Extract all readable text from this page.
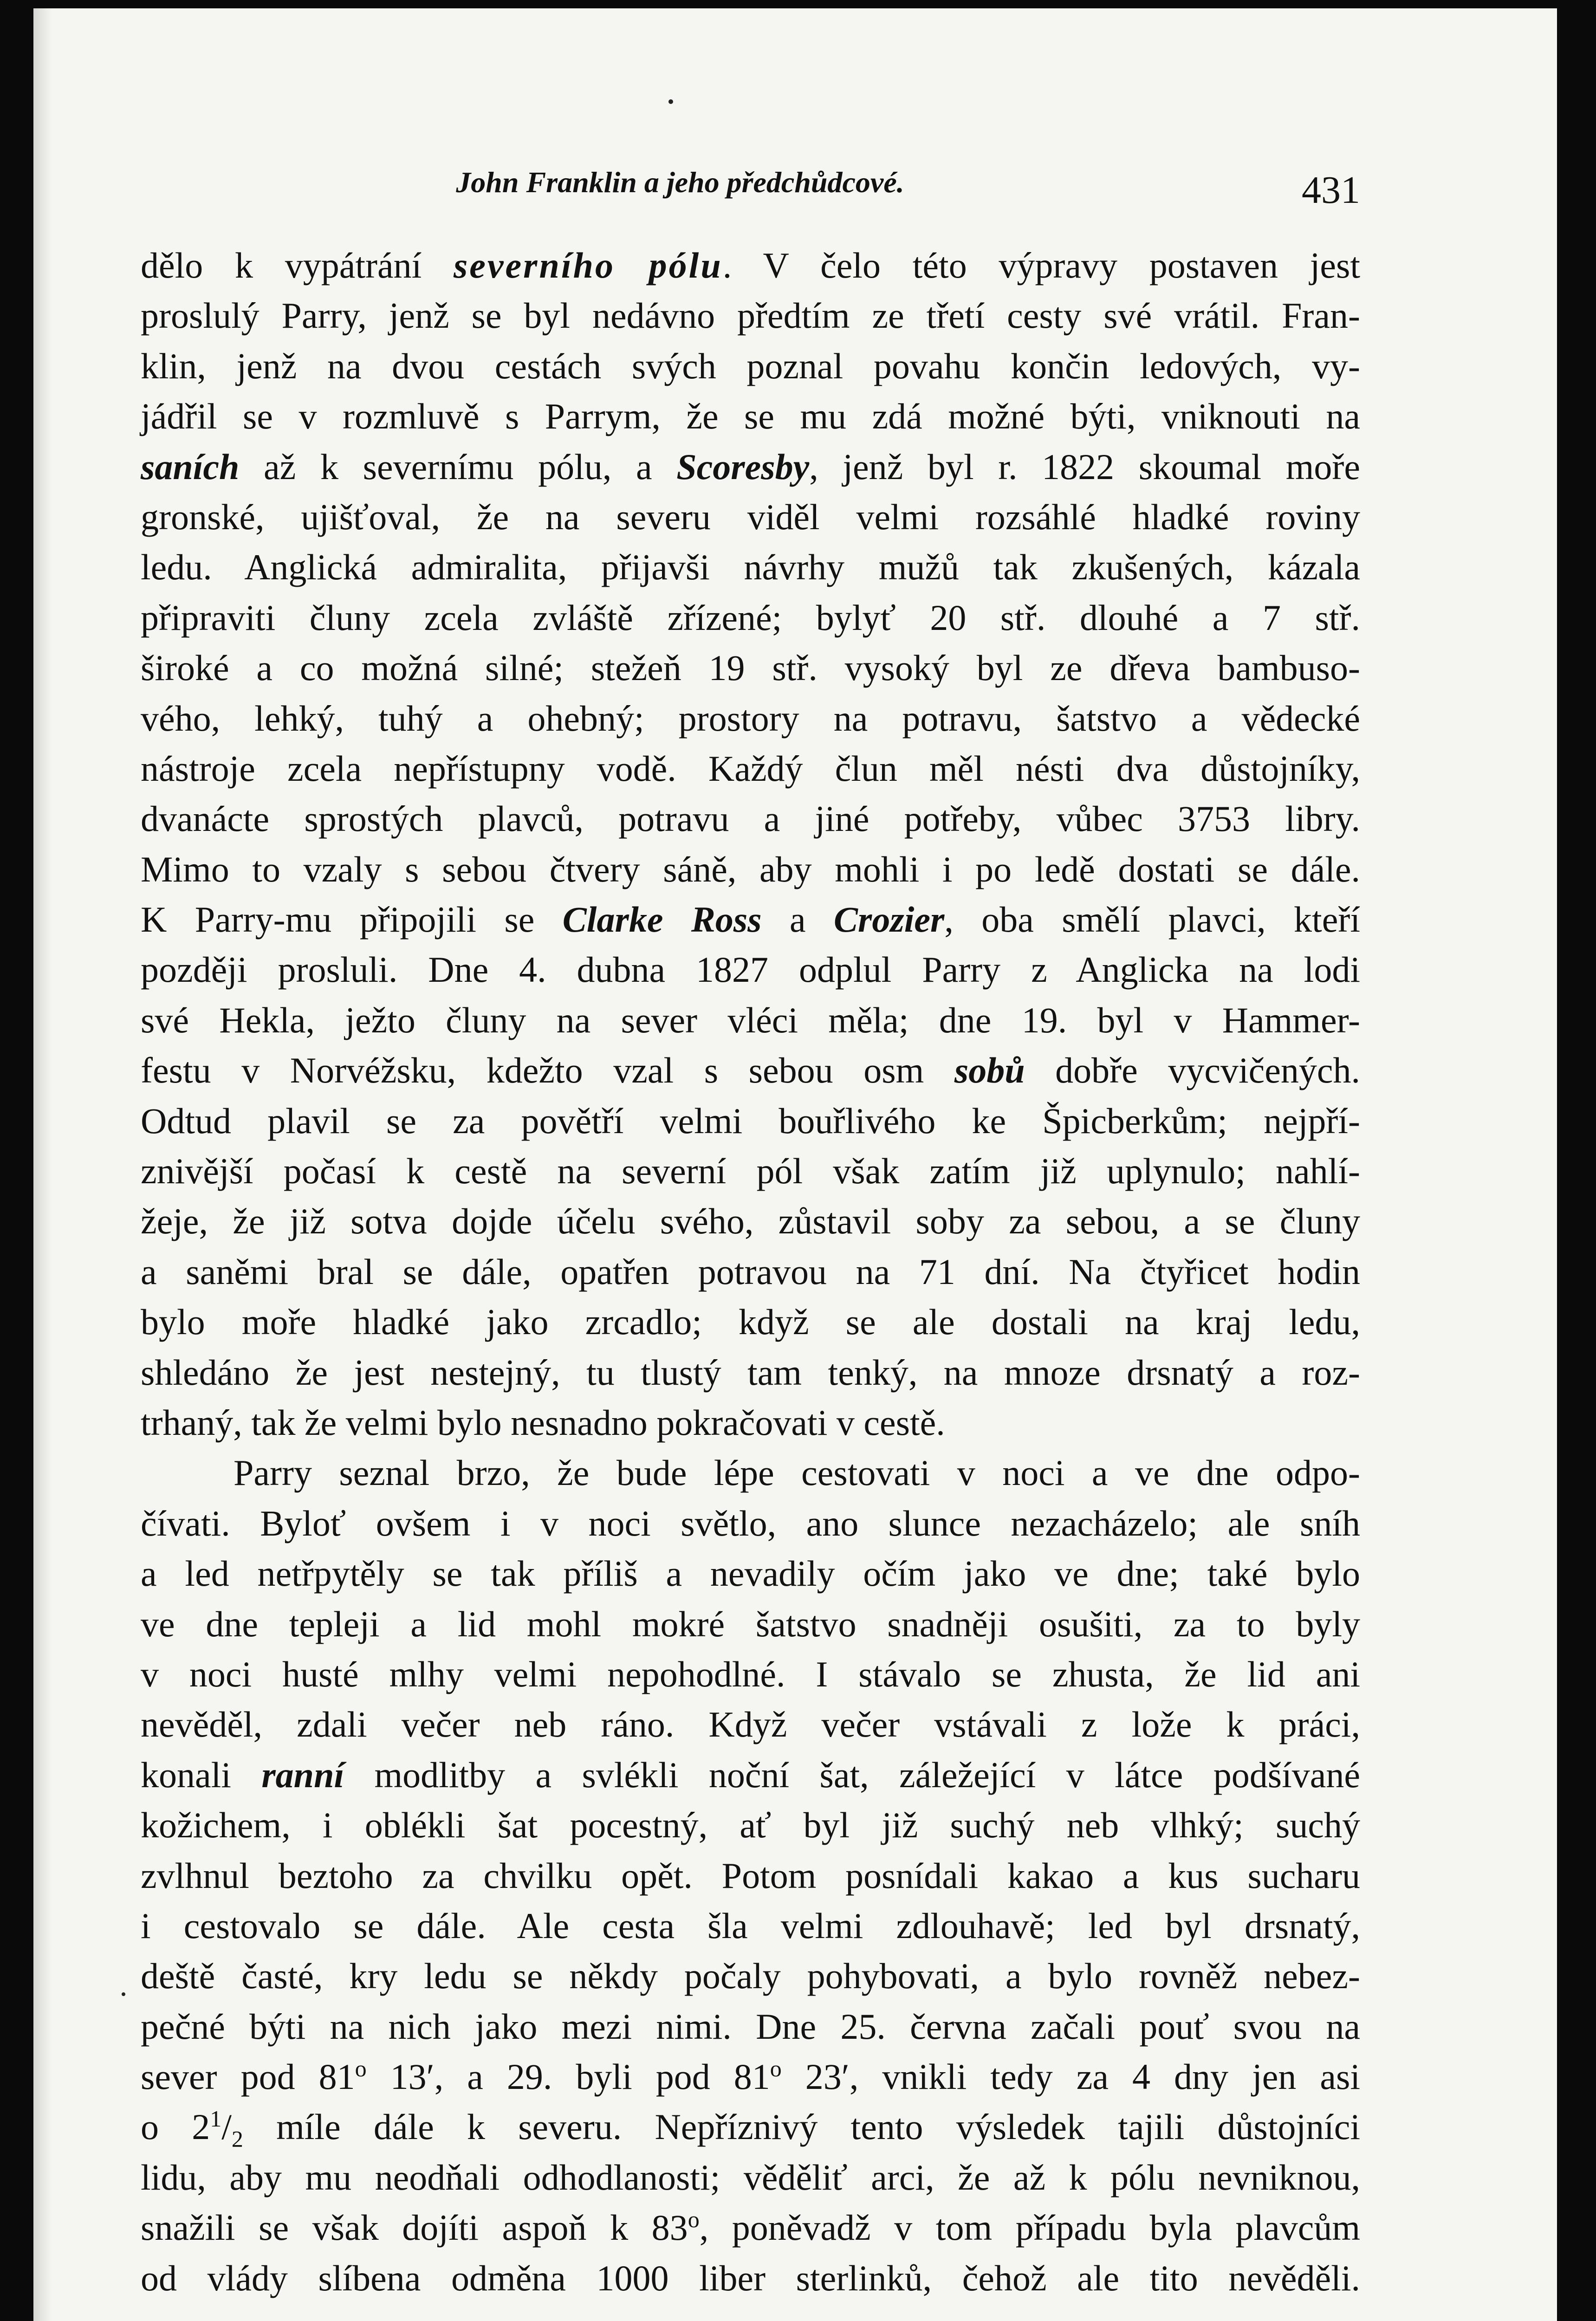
John Franklin a jeho předchůdcové.	431
dělo k vypátrání severního pólu. V čelo této výpravy postaven jest
proslulý Parry, jenž se byl nedávno předtím ze třetí cesty své vrátil. Fran-
klin, jenž na dvou cestách svých poznal povahu končin ledových, vy-
jádřil se v rozmluvě s Parrym, že se mu zdá možné býti, vniknouti na
saních až k severnímu pólu, a Scoresby, jenž byl r. 1822 skoumal moře
gronské, ujišťoval, že na severu viděl velmi rozsáhlé hladké roviny
ledu. Anglická admiralita, přijavši návrhy mužů tak zkušených, kázala
připraviti čluny zcela zvláště zřízené; bylyť 20 stř. dlouhé a 7 stř.
široké a co možná silné; stežeň 19 stř. vysoký byl ze dřeva bambuso-
vého, lehký, tuhý a ohebný; prostory na potravu, šatstvo a vědecké
nástroje zcela nepřístupny vodě. Každý člun měl nésti dva důstojníky,
dvanácte sprostých plavců, potravu a jiné potřeby, vůbec 3753 libry.
Mimo to vzaly s sebou čtvery sáně, aby mohli i po ledě dostati se dále.
K Parry-mu připojili se Clarke Ross a Crozier, oba smělí plavci, kteří
později prosluli. Dne 4. dubna 1827 odplul Parry z Anglicka na lodi
své Hekla, ježto čluny na sever vléci měla; dne 19. byl v Hammer-
festu v Norvéžsku, kdežto vzal s sebou osm sobů dobře vycvičených.
Odtud plavil se za povětří velmi bouřlivého ke Špicberkům; nejpří-
znivější počasí k cestě na severní pól však zatím již uplynulo; nahlí-
žeje, že již sotva dojde účelu svého, zůstavil soby za sebou, a se čluny
a saněmi bral se dále, opatřen potravou na 71 dní. Na čtyřicet hodin
bylo moře hladké jako zrcadlo; když se ale dostali na kraj ledu,
shledáno že jest nestejný, tu tlustý tam tenký, na mnoze drsnatý a roz-
trhaný, tak že velmi bylo nesnadno pokračovati v cestě.
Parry seznal brzo, že bude lépe cestovati v noci a ve dne odpo-
čívati. Byloť ovšem i v noci světlo, ano slunce nezacházelo; ale sníh
a led netřpytěly se tak příliš a nevadily očím jako ve dne; také bylo
ve dne tepleji a lid mohl mokré šatstvo snadněji osušiti, za to byly
v noci husté mlhy velmi nepohodlné. I stávalo se zhusta, že lid ani
nevěděl, zdali večer neb ráno. Když večer vstávali z lože k práci,
konali ranní modlitby a svlékli noční šat, záležející v látce podšívané
kožichem, i oblékli šat pocestný, ať byl již suchý neb vlhký; suchý
zvlhnul beztoho za chvilku opět. Potom posnídali kakao a kus sucharu
i cestovalo se dále. Ale cesta šla velmi zdlouhavě; led byl drsnatý,
deště časté, kry ledu se někdy počaly pohybovati, a bylo rovněž nebez-
pečné býti na nich jako mezi nimi. Dne 25. června začali pouť svou na
sever pod 81$^o$ 13′, a 29. byli pod 81$^o$ 23′, vnikli tedy za 4 dny jen asi
o $2^1/_2$ míle dále k severu. Nepříznivý tento výsledek tajili důstojníci
lidu, aby mu neodňali odhodlanosti; věděliť arci, že až k pólu nevniknou,
snažili se však dojíti aspoň k 83$^o$, poněvadž v tom případu byla plavcům
od vlády slíbena odměna 1000 liber sterlinků, čehož ale tito nevěděli.
